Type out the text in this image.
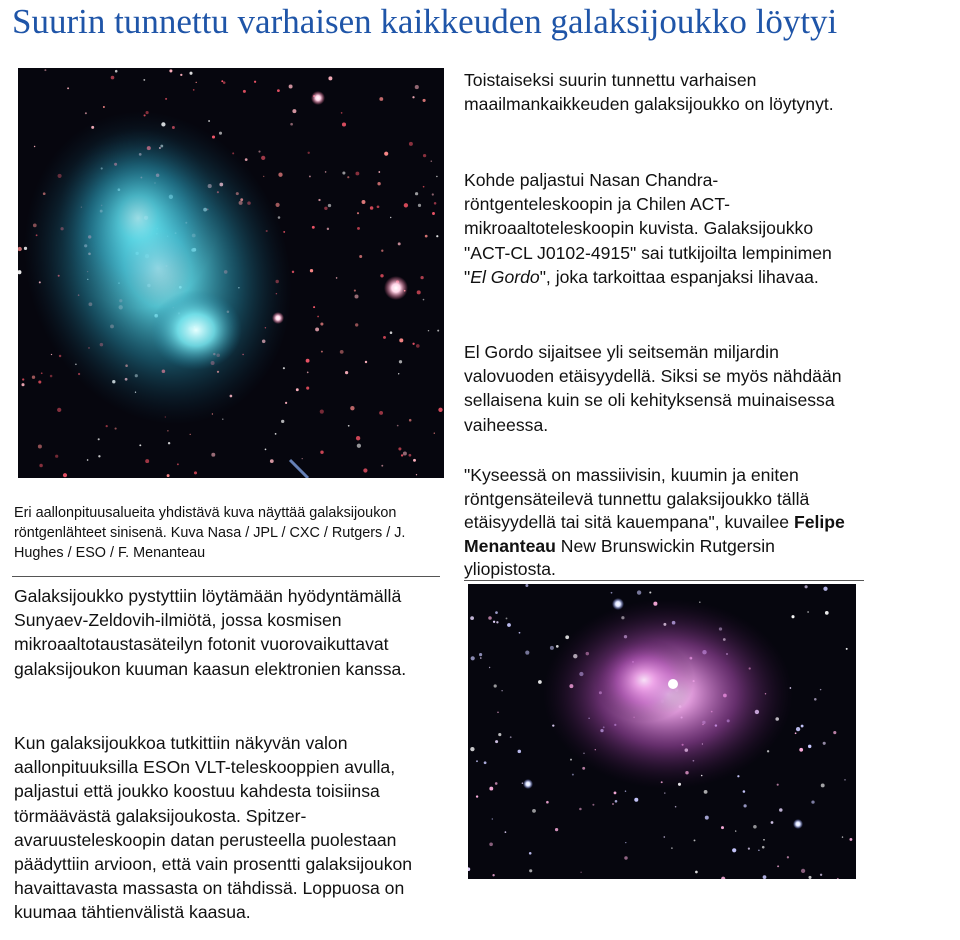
Suurin tunnettu varhaisen kaikkeuden galaksijoukko löytyi

Toistaiseksi suurin tunnettu varhaisen maailmankaikkeuden galaksijoukko on löytynyt.

Kohde paljastui Nasan Chandra-röntgenteleskoopin ja Chilen ACT-mikroaaltoteleskoopin kuvista. Galaksijoukko "ACT-CL J0102-4915" sai tutkijoilta lempinimen "El Gordo", joka tarkoittaa espanjaksi lihavaa.

El Gordo sijaitsee yli seitsemän miljardin valovuoden etäisyydellä. Siksi se myös nähdään sellaisena kuin se oli kehityksensä muinaisessa vaiheessa.

"Kyseessä on massiivisin, kuumin ja eniten röntgensäteilevä tunnettu galaksijoukko tällä etäisyydellä tai sitä kauempana", kuvailee Felipe Menanteau New Brunswickin Rutgersin yliopistosta.

Eri aallonpituusalueita yhdistävä kuva näyttää galaksijoukon röntgenlähteet sinisenä. Kuva Nasa / JPL / CXC / Rutgers / J. Hughes / ESO / F. Menanteau

Galaksijoukko pystyttiin löytämään hyödyntämällä Sunyaev-Zeldovih-ilmiötä, jossa kosmisen mikroaaltotaustasäteilyn fotonit vuorovaikuttavat galaksijoukon kuuman kaasun elektronien kanssa.

Kun galaksijoukkoa tutkittiin näkyvän valon aallonpituuksilla ESOn VLT-teleskooppien avulla, paljastui että joukko koostuu kahdesta toisiinsa törmäävästä galaksijoukosta. Spitzer-avaruusteleskoopin datan perusteella puolestaan päädyttiin arvioon, että vain prosentti galaksijoukon havaittavasta massasta on tähdissä. Loppuosa on kuumaa tähtienvälistä kaasua.
